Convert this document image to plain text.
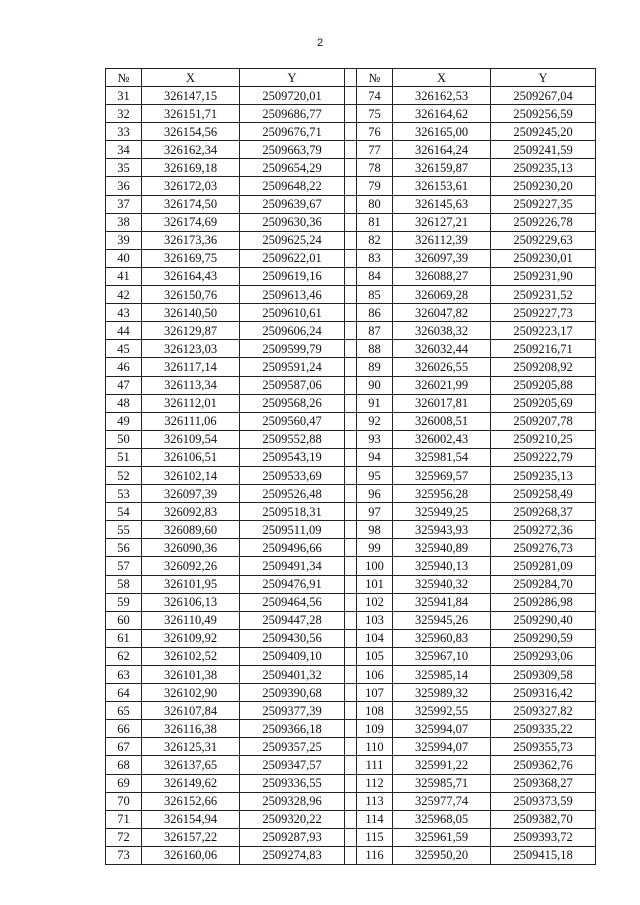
2
№	X	Y		№	X	Y
31	326147,15	2509720,01		74	326162,53	2509267,04
32	326151,71	2509686,77		75	326164,62	2509256,59
33	326154,56	2509676,71		76	326165,00	2509245,20
34	326162,34	2509663,79		77	326164,24	2509241,59
35	326169,18	2509654,29		78	326159,87	2509235,13
36	326172,03	2509648,22		79	326153,61	2509230,20
37	326174,50	2509639,67		80	326145,63	2509227,35
38	326174,69	2509630,36		81	326127,21	2509226,78
39	326173,36	2509625,24		82	326112,39	2509229,63
40	326169,75	2509622,01		83	326097,39	2509230,01
41	326164,43	2509619,16		84	326088,27	2509231,90
42	326150,76	2509613,46		85	326069,28	2509231,52
43	326140,50	2509610,61		86	326047,82	2509227,73
44	326129,87	2509606,24		87	326038,32	2509223,17
45	326123,03	2509599,79		88	326032,44	2509216,71
46	326117,14	2509591,24		89	326026,55	2509208,92
47	326113,34	2509587,06		90	326021,99	2509205,88
48	326112,01	2509568,26		91	326017,81	2509205,69
49	326111,06	2509560,47		92	326008,51	2509207,78
50	326109,54	2509552,88		93	326002,43	2509210,25
51	326106,51	2509543,19		94	325981,54	2509222,79
52	326102,14	2509533,69		95	325969,57	2509235,13
53	326097,39	2509526,48		96	325956,28	2509258,49
54	326092,83	2509518,31		97	325949,25	2509268,37
55	326089,60	2509511,09		98	325943,93	2509272,36
56	326090,36	2509496,66		99	325940,89	2509276,73
57	326092,26	2509491,34		100	325940,13	2509281,09
58	326101,95	2509476,91		101	325940,32	2509284,70
59	326106,13	2509464,56		102	325941,84	2509286,98
60	326110,49	2509447,28		103	325945,26	2509290,40
61	326109,92	2509430,56		104	325960,83	2509290,59
62	326102,52	2509409,10		105	325967,10	2509293,06
63	326101,38	2509401,32		106	325985,14	2509309,58
64	326102,90	2509390,68		107	325989,32	2509316,42
65	326107,84	2509377,39		108	325992,55	2509327,82
66	326116,38	2509366,18		109	325994,07	2509335,22
67	326125,31	2509357,25		110	325994,07	2509355,73
68	326137,65	2509347,57		111	325991,22	2509362,76
69	326149,62	2509336,55		112	325985,71	2509368,27
70	326152,66	2509328,96		113	325977,74	2509373,59
71	326154,94	2509320,22		114	325968,05	2509382,70
72	326157,22	2509287,93		115	325961,59	2509393,72
73	326160,06	2509274,83		116	325950,20	2509415,18
